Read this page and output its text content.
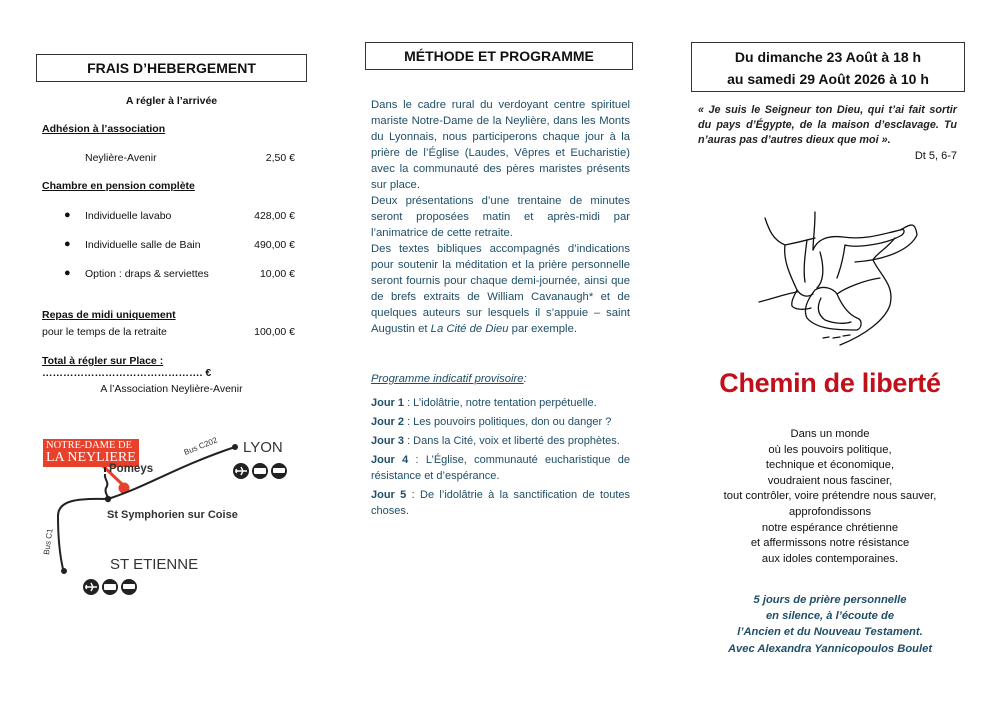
FRAIS D’HEBERGEMENT
A régler à l’arrivée
Adhésion à l’association
Neylière-Avenir	2,50 €
Chambre en pension complète
● Individuelle lavabo	428,00 €
● Individuelle salle de Bain	490,00 €
● Option : draps & serviettes	10,00 €
Repas de midi uniquement
pour le temps de la retraite	100,00 €
Total à régler sur Place : ………………………………………. €
A l’Association Neylière-Avenir
NOTRE-DAME DE
LA NEYLIERE
Pomeys
Bus C202 LYON
St Symphorien sur Coise
Bus C1
ST ETIENNE
MÉTHODE ET PROGRAMME

Dans le cadre rural du verdoyant centre spirituel mariste Notre-Dame de la Neylière, dans les Monts du Lyonnais, nous participerons chaque jour à la prière de l’Église (Laudes, Vêpres et Eucharistie) avec la communauté des pères maristes présents sur place.

Deux présentations d’une trentaine de minutes seront proposées matin et après-midi par l’animatrice de cette retraite.

Des textes bibliques accompagnés d’indications pour soutenir la méditation et la prière personnelle seront fournis pour chaque demi-journée, ainsi que de brefs extraits de William Cavanaugh* et de quelques auteurs sur lesquels il s’appuie – saint Augustin et La Cité de Dieu par exemple.

Programme indicatif provisoire:

Jour 1 : L’idolâtrie, notre tentation perpétuelle.

Jour 2 : Les pouvoirs politiques, don ou danger ?

Jour 3 : Dans la Cité, voix et liberté des prophètes.

Jour 4 : L’Église, communauté eucharistique de résistance et d’espérance.

Jour 5 : De l’idolâtrie à la sanctification de toutes choses.

Du dimanche 23 Août à 18 h
au samedi 29 Août 2026 à 10 h
« Je suis le Seigneur ton Dieu, qui t’ai fait sortir du pays d’Égypte, de la maison d’esclavage. Tu n’auras pas d’autres dieux que moi ».
Dt 5, 6-7
Chemin de liberté
Dans un monde
où les pouvoirs politique,
technique et économique,
voudraient nous fasciner,
tout contrôler, voire prétendre nous sauver,
approfondissons
notre espérance chrétienne
et affermissons notre résistance
aux idoles contemporaines.
5 jours de prière personnelle
en silence, à l’écoute de
l’Ancien et du Nouveau Testament.
Avec Alexandra Yannicopoulos Boulet
